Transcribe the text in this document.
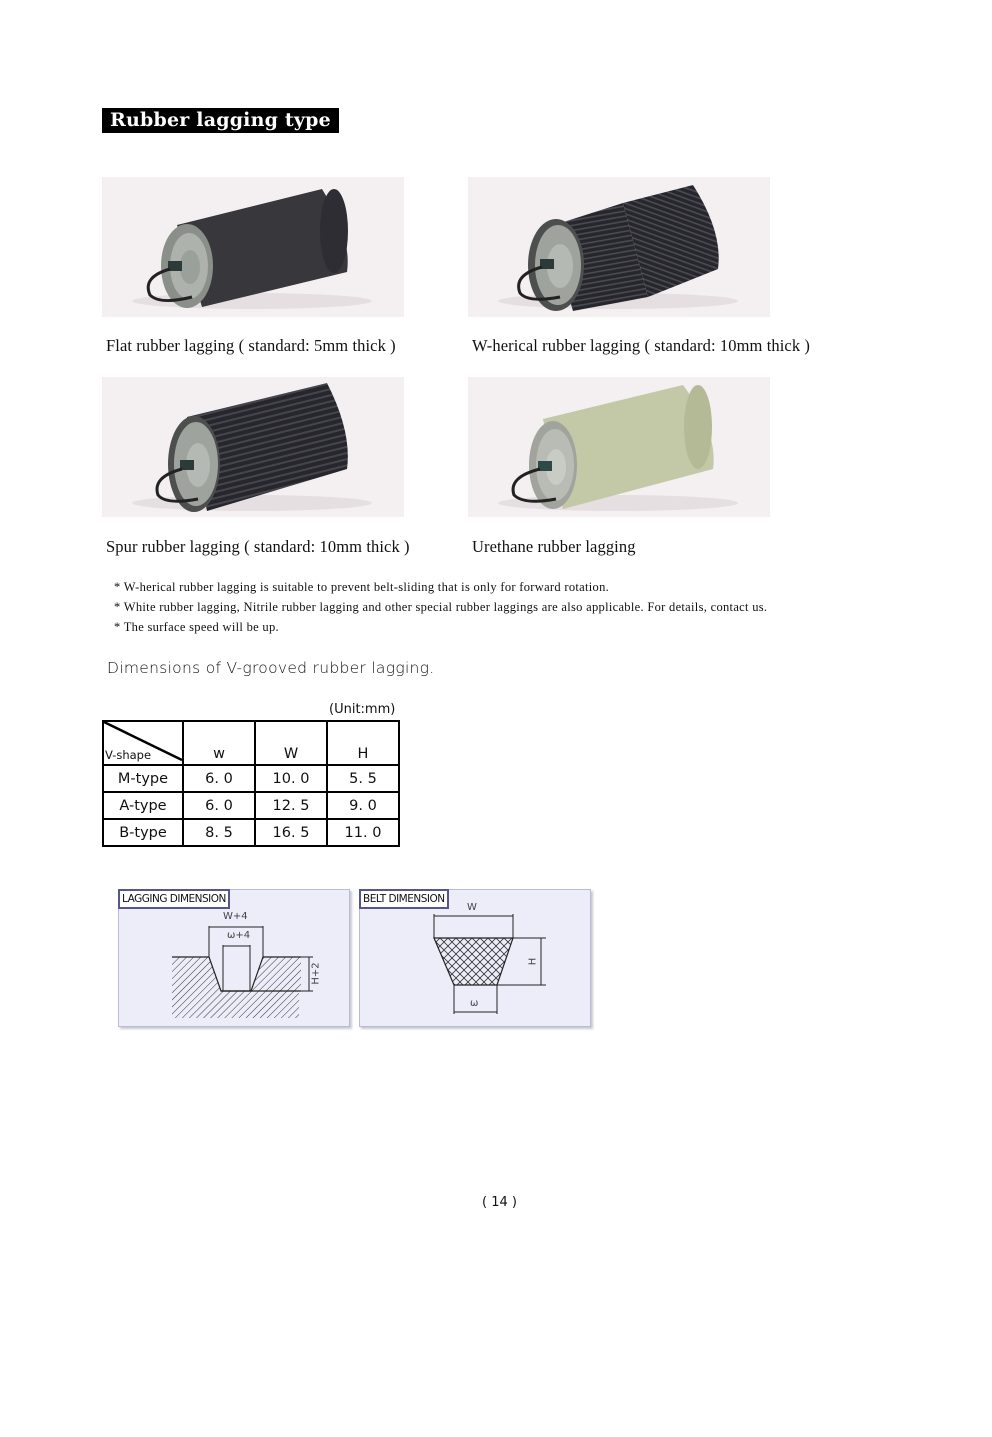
Rubber lagging type
Flat rubber lagging ( standard: 5mm thick )	W-herical rubber lagging ( standard: 10mm thick )
Spur rubber lagging ( standard: 10mm thick )	Urethane rubber lagging
* W-herical rubber lagging is suitable to prevent belt-sliding that is only for forward rotation.
* White rubber lagging, Nitrile rubber lagging and other special rubber laggings are also applicable. For details, contact us.
* The surface speed will be up.
Dimensions of V-grooved rubber lagging.
(Unit:mm)
V-shape	w	W	H
M-type	6. 0	10. 0	5. 5
A-type	6. 0	12. 5	9. 0
B-type	8. 5	16. 5	11. 0
LAGGING DIMENSION
W+4
ω+4
H+2
BELT DIMENSION
W
ω
H
( 14 )
